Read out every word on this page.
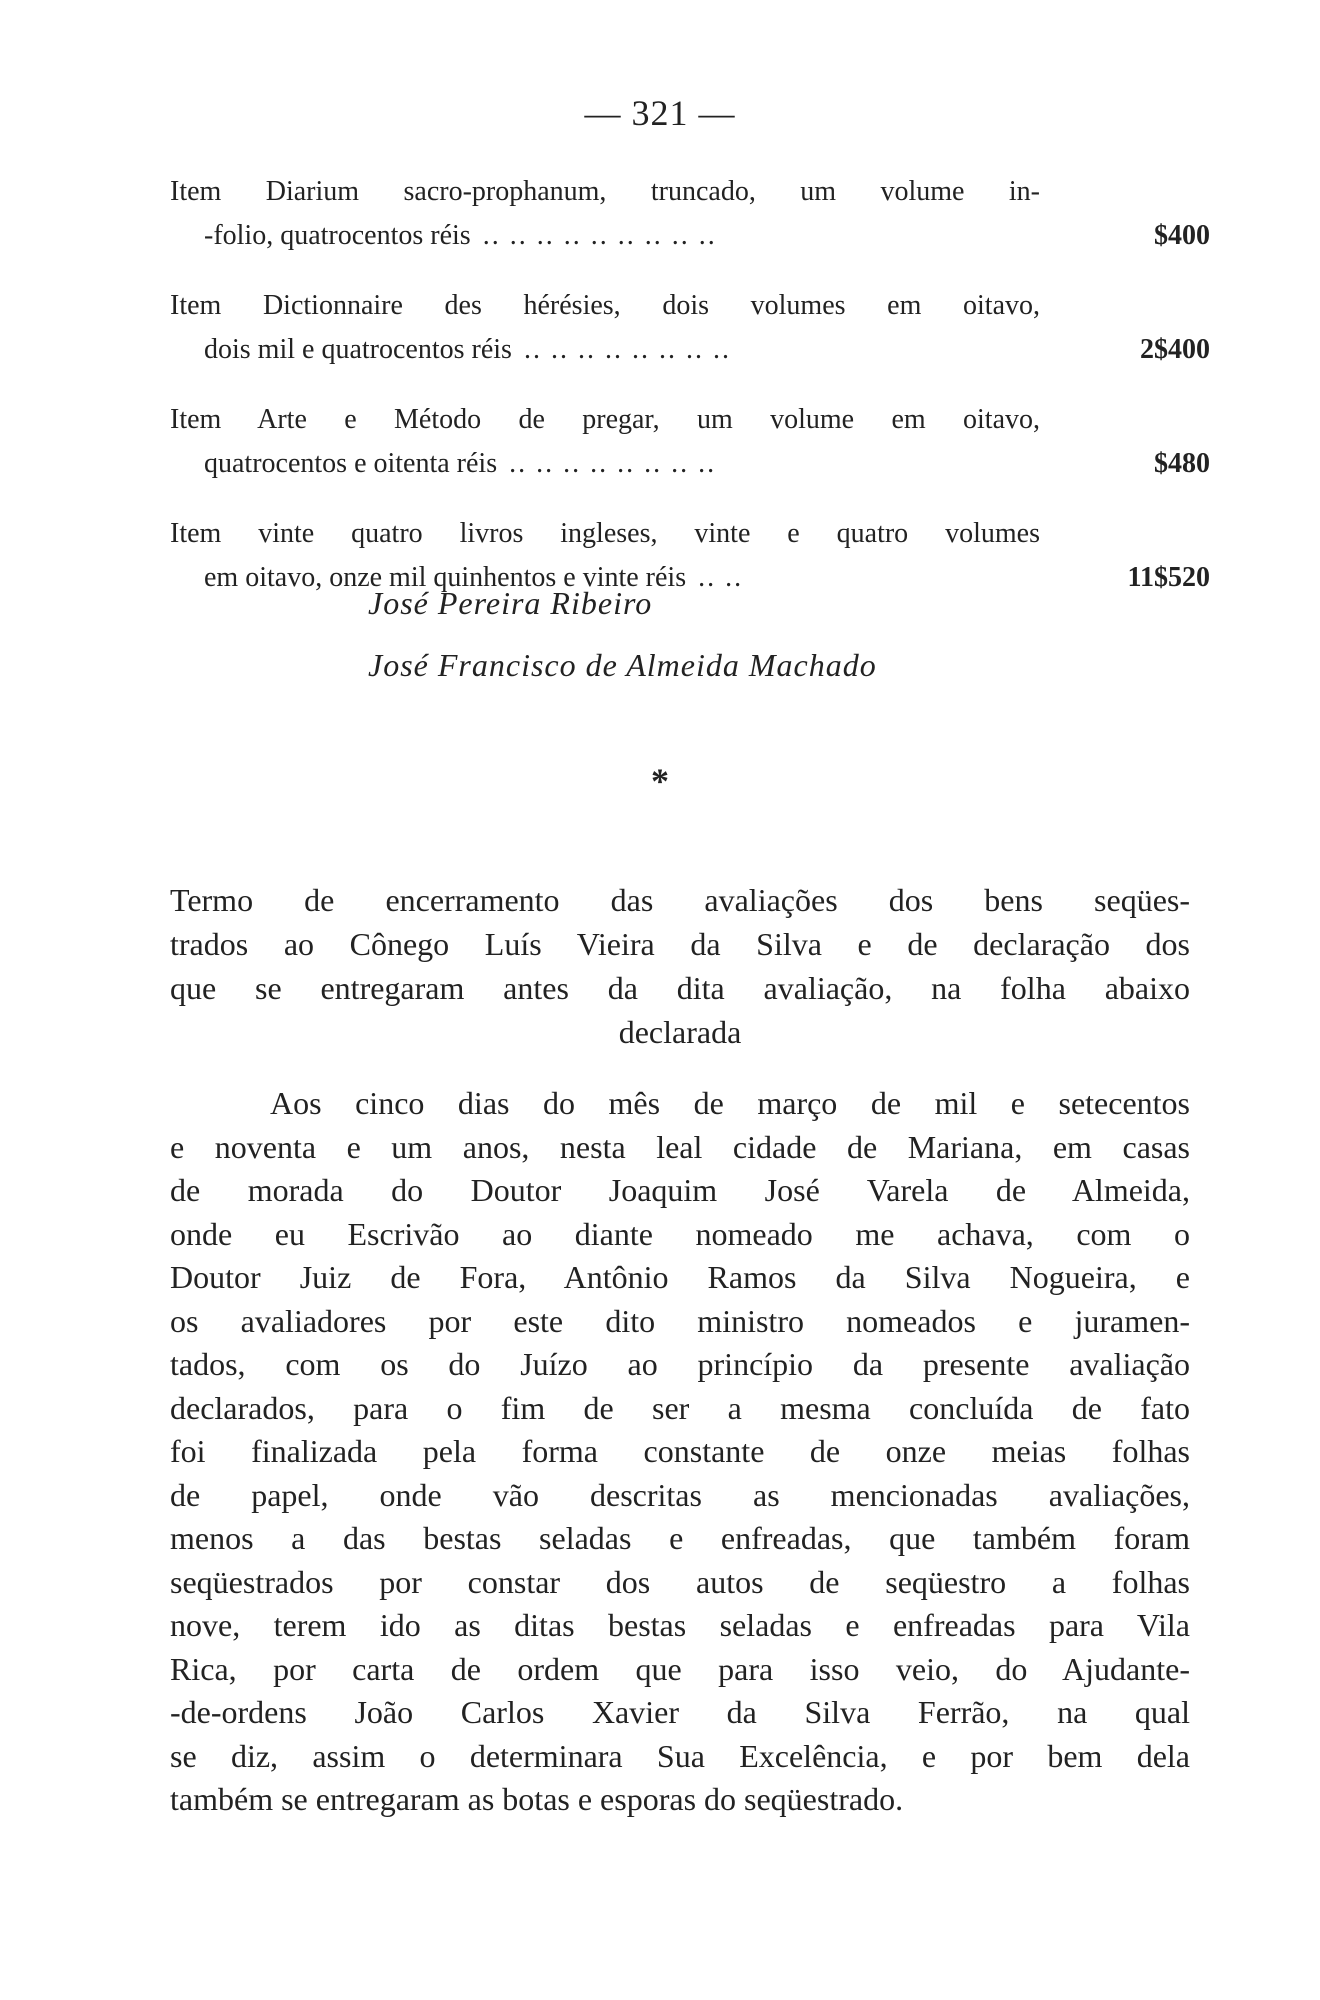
— 321 —
Item Diarium sacro-prophanum, truncado, um volume in-
-folio, quatrocentos réis .. .. .. .. .. .. .. .. ..	$400
Item Dictionnaire des hérésies, dois volumes em oitavo,
dois mil e quatrocentos réis .. .. .. .. .. .. .. ..	2$400
Item Arte e Método de pregar, um volume em oitavo,
quatrocentos e oitenta réis .. .. .. .. .. .. .. ..	$480
Item vinte quatro livros ingleses, vinte e quatro volumes
em oitavo, onze mil quinhentos e vinte réis .. ..	11$520
José Pereira Ribeiro
José Francisco de Almeida Machado
*
Termo de encerramento das avaliações dos bens seqües-
trados ao Cônego Luís Vieira da Silva e de declaração dos
que se entregaram antes da dita avaliação, na folha abaixo
declarada
Aos cinco dias do mês de março de mil e setecentos
e noventa e um anos, nesta leal cidade de Mariana, em casas
de morada do Doutor Joaquim José Varela de Almeida,
onde eu Escrivão ao diante nomeado me achava, com o
Doutor Juiz de Fora, Antônio Ramos da Silva Nogueira, e
os avaliadores por este dito ministro nomeados e juramen-
tados, com os do Juízo ao princípio da presente avaliação
declarados, para o fim de ser a mesma concluída de fato
foi finalizada pela forma constante de onze meias folhas
de papel, onde vão descritas as mencionadas avaliações,
menos a das bestas seladas e enfreadas, que também foram
seqüestrados por constar dos autos de seqüestro a folhas
nove, terem ido as ditas bestas seladas e enfreadas para Vila
Rica, por carta de ordem que para isso veio, do Ajudante-
-de-ordens João Carlos Xavier da Silva Ferrão, na qual
se diz, assim o determinara Sua Excelência, e por bem dela
também se entregaram as botas e esporas do seqüestrado.
